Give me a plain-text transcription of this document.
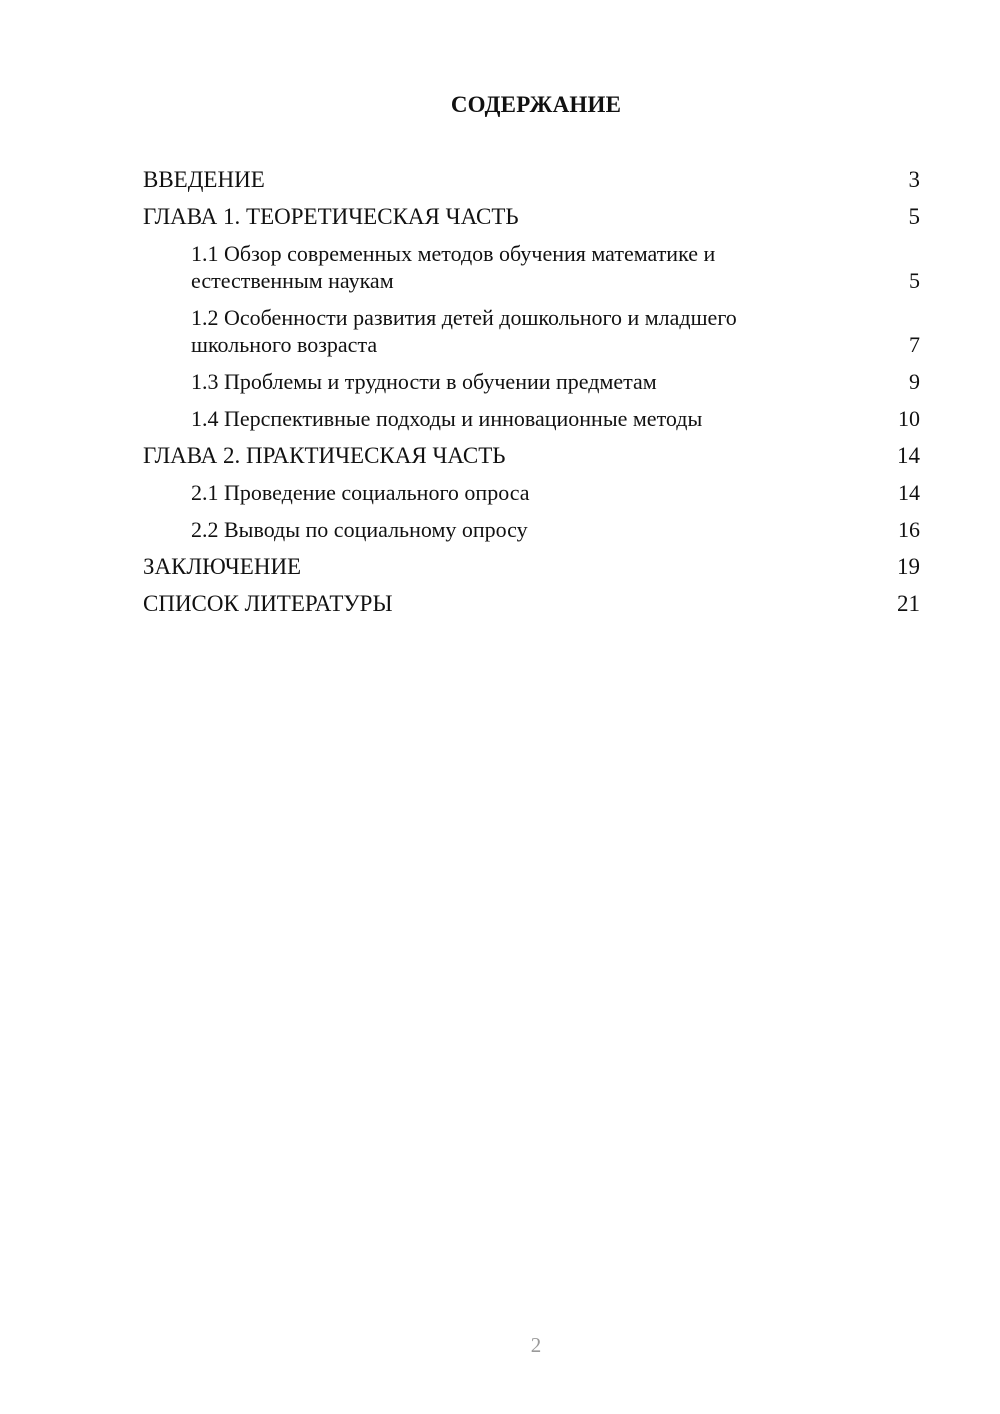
СОДЕРЖАНИЕ
ВВЕДЕНИЕ	3
ГЛАВА 1. ТЕОРЕТИЧЕСКАЯ ЧАСТЬ	5
1.1 Обзор современных методов обучения математике и естественным наукам	5
1.2 Особенности развития детей дошкольного и младшего школьного возраста	7
1.3 Проблемы и трудности в обучении предметам	9
1.4 Перспективные подходы и инновационные методы	10
ГЛАВА 2. ПРАКТИЧЕСКАЯ ЧАСТЬ	14
2.1 Проведение социального опроса	14
2.2 Выводы по социальному опросу	16
ЗАКЛЮЧЕНИЕ	19
СПИСОК ЛИТЕРАТУРЫ	21
2
